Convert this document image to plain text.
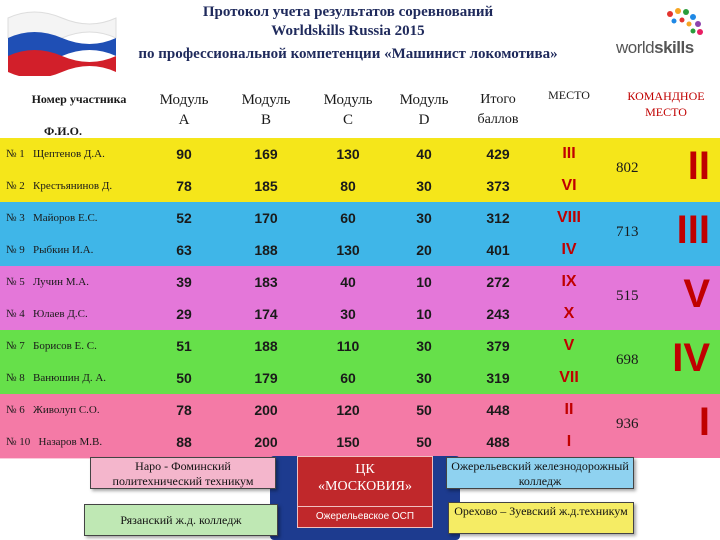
Протокол учета результатов соревнований
Worldskills Russia 2015
по профессиональной компетенции «Машинист локомотива»	worldskills
Номер участника
Ф.И.О.
Модуль
А
Модуль
В
Модуль
С
Модуль
D
Итого
баллов
МЕСТО	КОМАНДНОЕ МЕСТО
№ 1 Щептенов Д.А.	90	169	130	40	429	III
№ 2 Крестьянинов Д.	78	185	80	30	373	VI
№ 3 Майоров Е.С.	52	170	60	30	312	VIII
№ 9 Рыбкин И.А.	63	188	130	20	401	IV
№ 5 Лучин М.А.	39	183	40	10	272	IX
№ 4 Юлаев Д.С.	29	174	30	10	243	X
№ 7 Борисов Е. С.	51	188	110	30	379	V
№ 8 Ванюшин Д. А.	50	179	60	30	319	VII
№ 6 Живолуп С.О.	78	200	120	50	448	II
№ 10 Назаров М.В.	88	200	150	50	488	I
802 II
713 III
515 V
698 IV
936 I
Наро - Фоминский политехнический техникум
Рязанский ж.д. колледж
ЦК
«МОСКОВИЯ»
Ожерельевское ОСП
Ожерельевский железнодорожный колледж
Орехово – Зуевский ж.д.техникум
